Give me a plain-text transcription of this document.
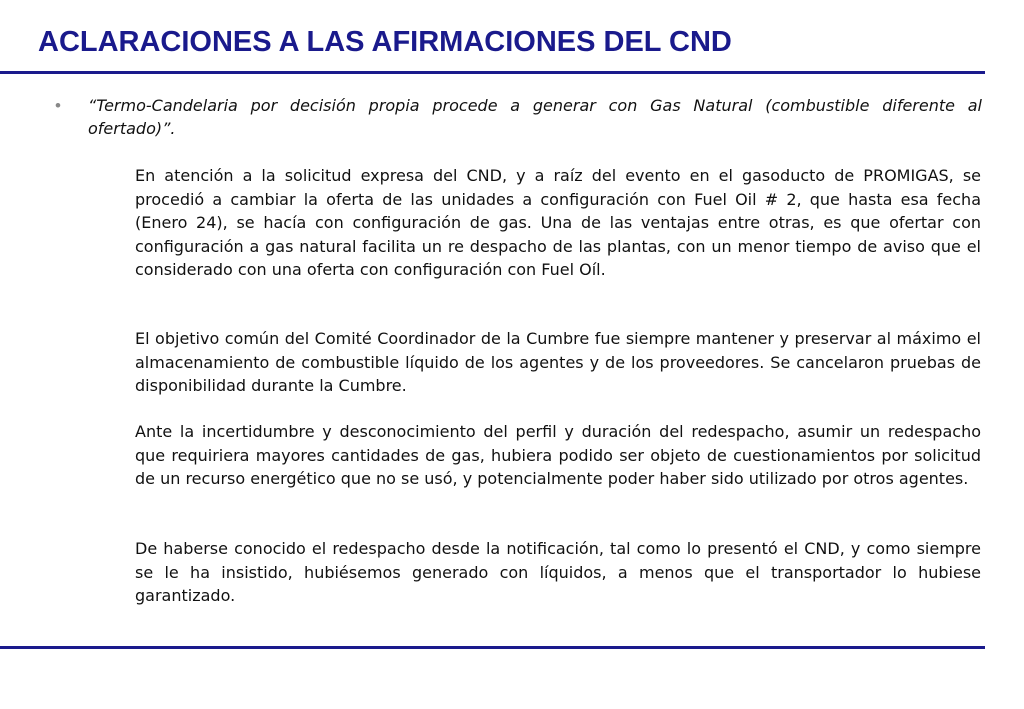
ACLARACIONES A LAS AFIRMACIONES DEL CND
• “Termo-Candelaria por decisión propia procede a generar con Gas Natural (combustible diferente al ofertado)”.

En atención a la solicitud expresa del CND, y a raíz del evento en el gasoducto de PROMIGAS, se procedió a cambiar la oferta de las unidades a configuración con Fuel Oil # 2, que hasta esa fecha (Enero 24), se hacía con configuración de gas. Una de las ventajas entre otras, es que ofertar con configuración a gas natural facilita un re despacho de las plantas, con un menor tiempo de aviso que el considerado con una oferta con configuración con Fuel Oíl.

El objetivo común del Comité Coordinador de la Cumbre fue siempre mantener y preservar al máximo el almacenamiento de combustible líquido de los agentes y de los proveedores. Se cancelaron pruebas de disponibilidad durante la Cumbre.

Ante la incertidumbre y desconocimiento del perfil y duración del redespacho, asumir un redespacho que requiriera mayores cantidades de gas, hubiera podido ser objeto de cuestionamientos por solicitud de un recurso energético que no se usó, y potencialmente poder haber sido utilizado por otros agentes.

De haberse conocido el redespacho desde la notificación, tal como lo presentó el CND, y como siempre se le ha insistido, hubiésemos generado con líquidos, a menos que el transportador lo hubiese garantizado.
